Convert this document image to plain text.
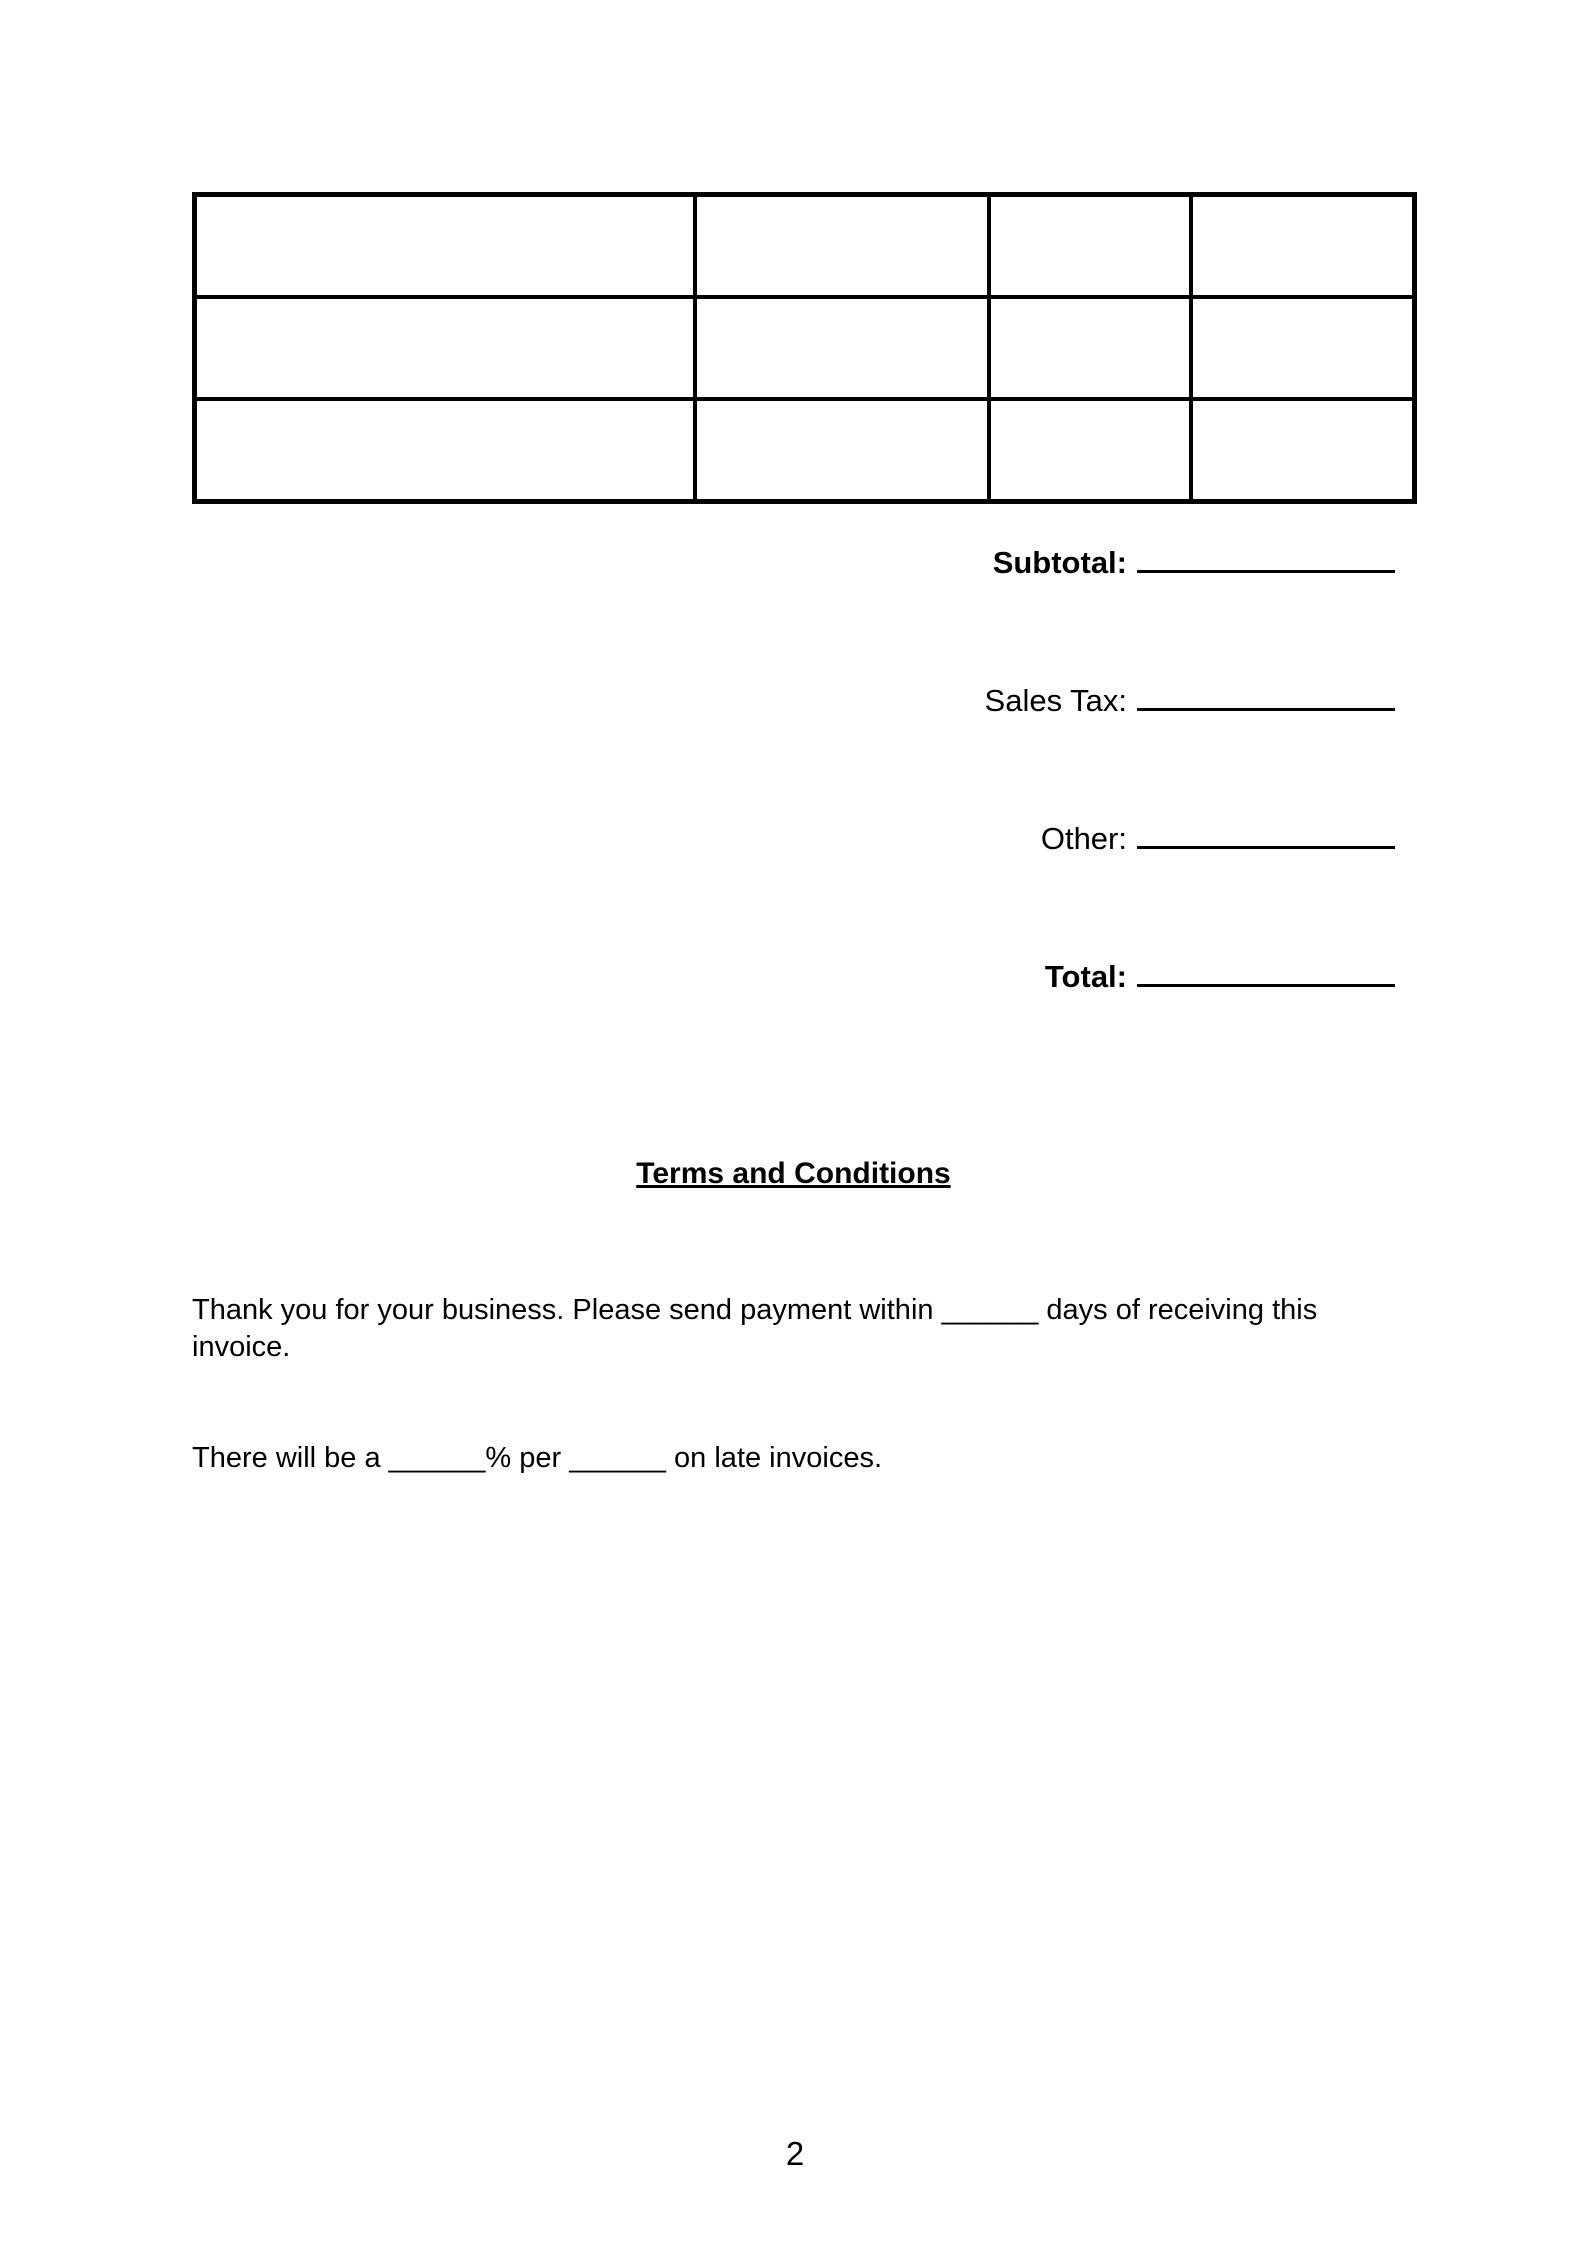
Subtotal:
Sales Tax:
Other:
Total:
Terms and Conditions

Thank you for your business. Please send payment within ______ days of receiving this invoice.

There will be a ______% per ______ on late invoices.

2
